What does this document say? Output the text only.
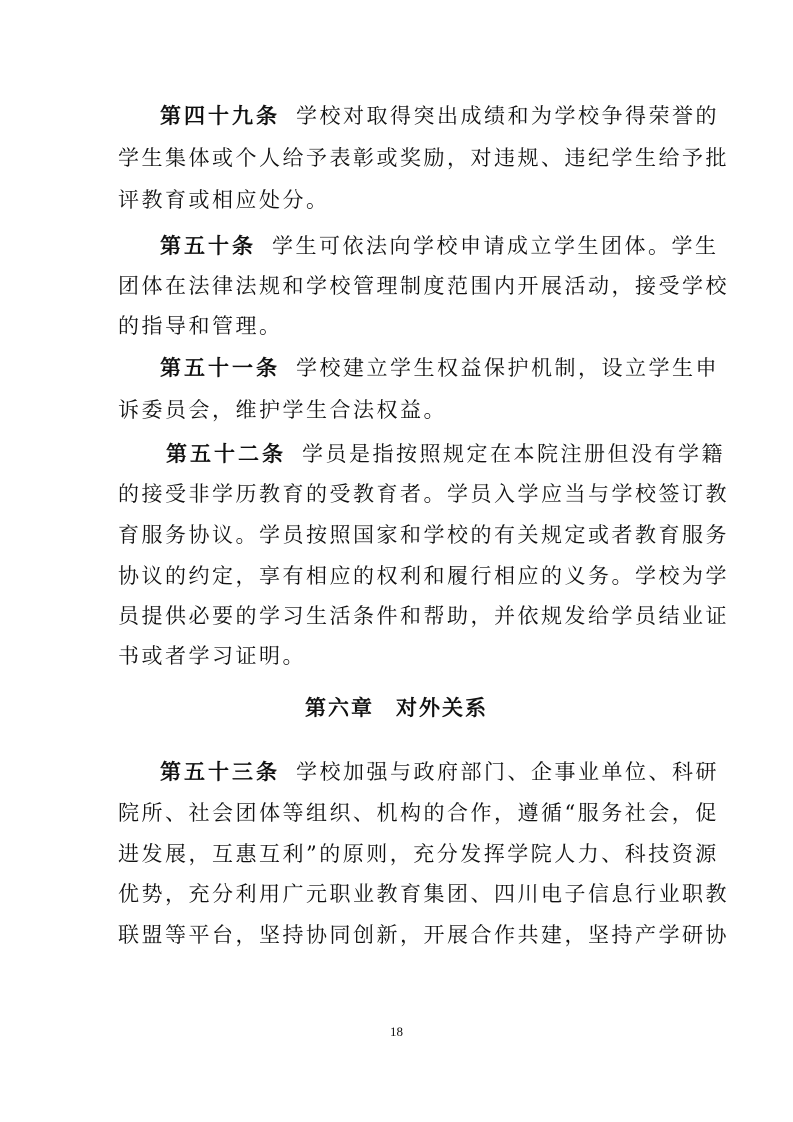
第四十九条 学校对取得突出成绩和为学校争得荣誉的
学生集体或个人给予表彰或奖励，对违规、违纪学生给予批
评教育或相应处分。
第五十条 学生可依法向学校申请成立学生团体。学生
团体在法律法规和学校管理制度范围内开展活动，接受学校
的指导和管理。
第五十一条 学校建立学生权益保护机制，设立学生申
诉委员会，维护学生合法权益。
第五十二条 学员是指按照规定在本院注册但没有学籍
的接受非学历教育的受教育者。学员入学应当与学校签订教
育服务协议。学员按照国家和学校的有关规定或者教育服务
协议的约定，享有相应的权利和履行相应的义务。学校为学
员提供必要的学习生活条件和帮助，并依规发给学员结业证
书或者学习证明。
第六章 对外关系
第五十三条 学校加强与政府部门、企事业单位、科研
院所、社会团体等组织、机构的合作，遵循“服务社会，促
进发展，互惠互利”的原则，充分发挥学院人力、科技资源
优势，充分利用广元职业教育集团、四川电子信息行业职教
联盟等平台，坚持协同创新，开展合作共建，坚持产学研协
18
